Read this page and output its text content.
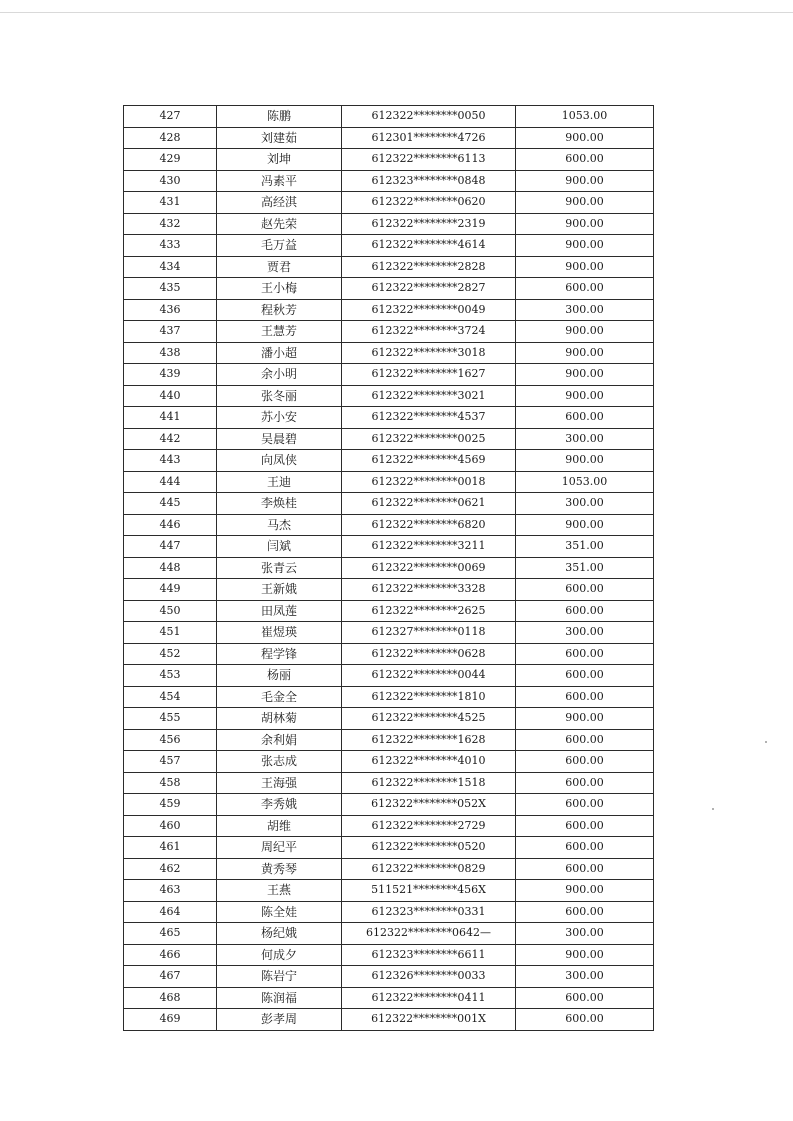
427	陈鹏	612322********0050	1053.00
428	刘建茹	612301********4726	900.00
429	刘坤	612322********6113	600.00
430	冯素平	612323********0848	900.00
431	高经淇	612322********0620	900.00
432	赵先荣	612322********2319	900.00
433	毛万益	612322********4614	900.00
434	贾君	612322********2828	900.00
435	王小梅	612322********2827	600.00
436	程秋芳	612322********0049	300.00
437	王慧芳	612322********3724	900.00
438	潘小超	612322********3018	900.00
439	余小明	612322********1627	900.00
440	张冬丽	612322********3021	900.00
441	苏小安	612322********4537	600.00
442	吴晨碧	612322********0025	300.00
443	向凤侠	612322********4569	900.00
444	王迪	612322********0018	1053.00
445	李焕桂	612322********0621	300.00
446	马杰	612322********6820	900.00
447	闫斌	612322********3211	351.00
448	张青云	612322********0069	351.00
449	王新娥	612322********3328	600.00
450	田凤莲	612322********2625	600.00
451	崔煜瑛	612327********0118	300.00
452	程学锋	612322********0628	600.00
453	杨丽	612322********0044	600.00
454	毛金全	612322********1810	600.00
455	胡林菊	612322********4525	900.00
456	余利娟	612322********1628	600.00
457	张志成	612322********4010	600.00
458	王海强	612322********1518	600.00
459	李秀娥	612322********052X	600.00
460	胡维	612322********2729	600.00
461	周纪平	612322********0520	600.00
462	黄秀琴	612322********0829	600.00
463	王燕	511521********456X	900.00
464	陈全娃	612323********0331	600.00
465	杨纪娥	612322********0642—	300.00
466	何成夕	612323********6611	900.00
467	陈岩宁	612326********0033	300.00
468	陈润福	612322********0411	600.00
469	彭孝周	612322********001X	600.00
